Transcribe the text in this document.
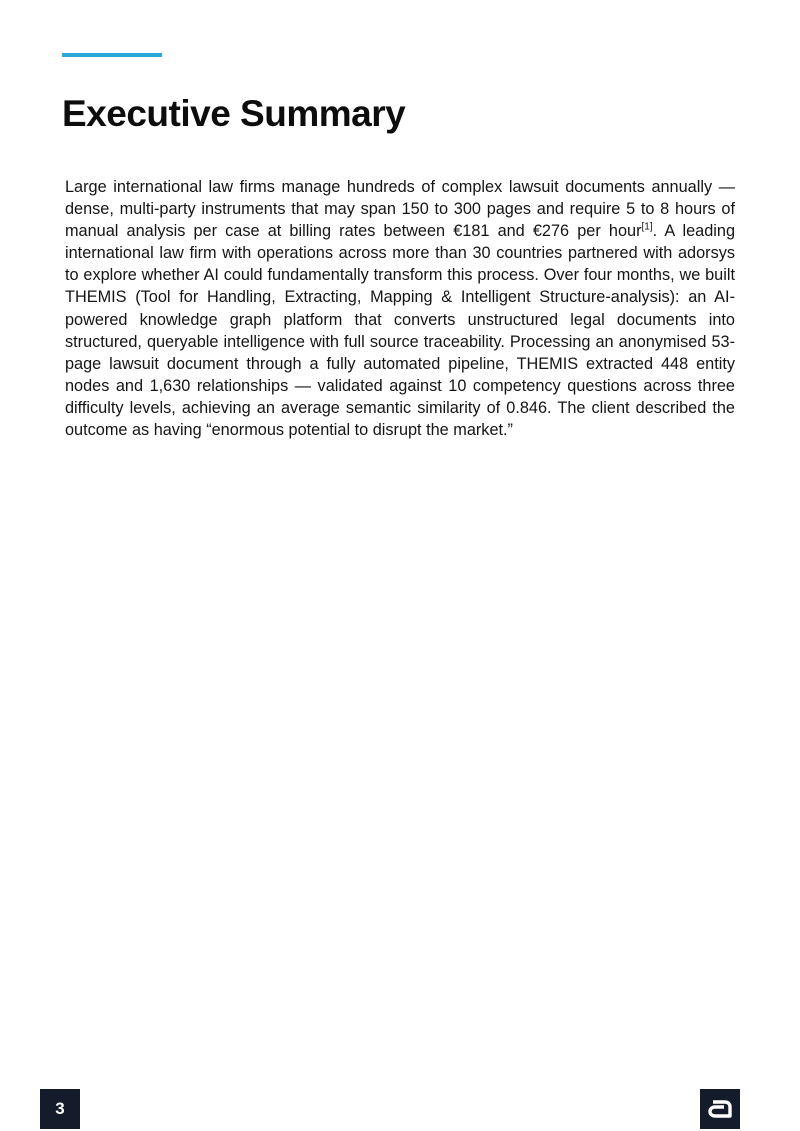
Executive Summary

Large international law firms manage hundreds of complex lawsuit documents annually — dense, multi-party instruments that may span 150 to 300 pages and require 5 to 8 hours of manual analysis per case at billing rates between €181 and €276 per hour[1]. A leading international law firm with operations across more than 30 countries partnered with adorsys to explore whether AI could fundamentally transform this process. Over four months, we built THEMIS (Tool for Handling, Extracting, Mapping & Intelligent Structure-analysis): an AI-powered knowledge graph platform that converts unstructured legal documents into structured, queryable intelligence with full source traceability. Processing an anonymised 53-page lawsuit document through a fully automated pipeline, THEMIS extracted 448 entity nodes and 1,630 relationships — validated against 10 competency questions across three difficulty levels, achieving an average semantic similarity of 0.846. The client described the outcome as having “enormous potential to disrupt the market.”

3
